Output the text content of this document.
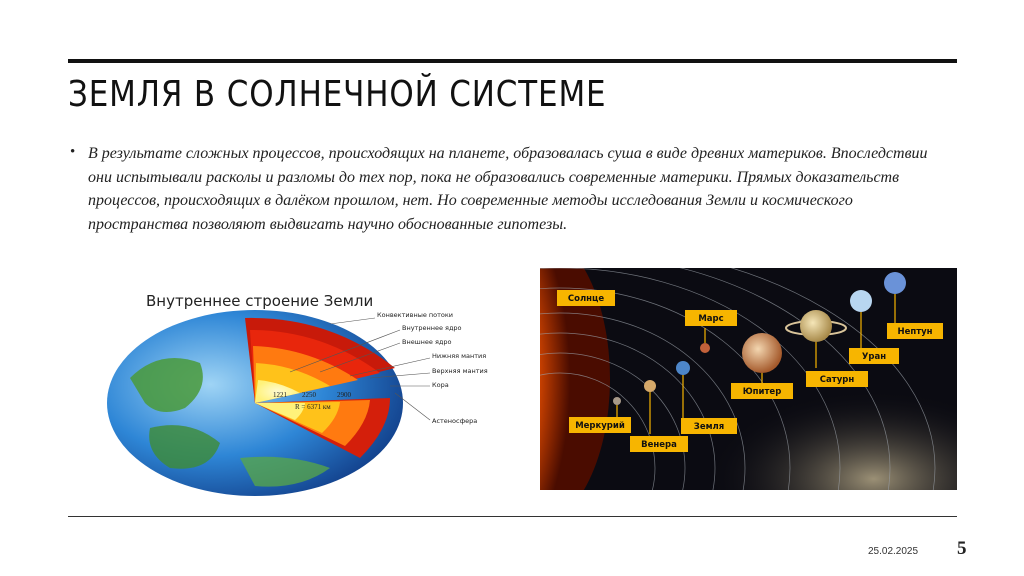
ЗЕМЛЯ В СОЛНЕЧНОЙ СИСТЕМЕ
• В результате сложных процессов, происходящих на планете, образовалась суша в виде древних материков. Впоследствии они испытывали расколы и разломы до тех пор, пока не образовались современные материки. Прямых доказательств процессов, происходящих в далёком прошлом, нет. Но современные методы исследования Земли и космического пространства позволяют выдвигать научно обоснованные гипотезы.

Внутреннее строение Земли
1221 2250	2900
R = 6371 км
Конвективные потоки
Внутреннее ядро
Внешнее ядро
Нижняя мантия
Верхняя мантия
Кора
Астеносфера
Солнце
Марс
Нептун
Уран
Юпитер
Сатурн
Меркурий	Земля
Венера
25.02.2025 5
